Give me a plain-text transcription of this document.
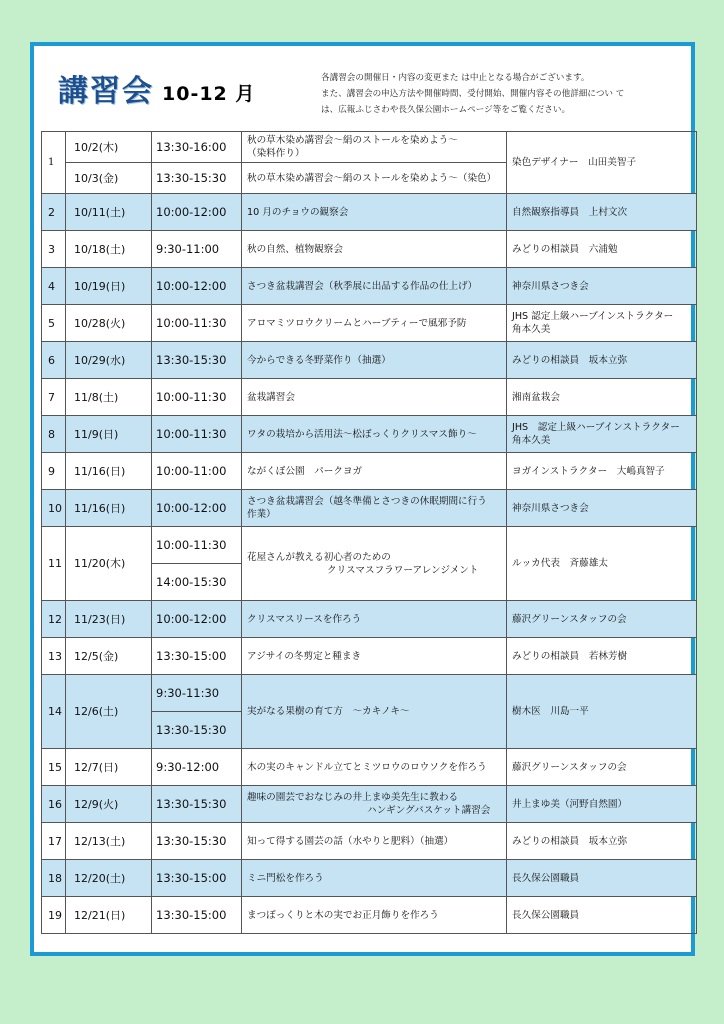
講習会 10-12 月
各講習会の開催日・内容の変更また は中止となる場合がございます。
また、講習会の申込方法や開催時間、受付開始、開催内容その他詳細につい て
は、広報ふじさわや長久保公園ホームページ等をご覧ください。
1	10/2(木)	13:30-16:00	秋の草木染め講習会～絹のストールを染めよう～
（染料作り）	染色デザイナー　山田美智子
	10/3(金)	13:30-15:30	秋の草木染め講習会～絹のストールを染めよう～（染色）	
2	10/11(土)	10:00-12:00	10 月のチョウの観察会	自然観察指導員　上村文次
3	10/18(土)	9:30-11:00	秋の自然、植物観察会	みどりの相談員　六浦勉
4	10/19(日)	10:00-12:00	さつき盆栽講習会（秋季展に出品する作品の仕上げ）	神奈川県さつき会
5	10/28(火)	10:00-11:30	アロマミツロウクリームとハーブティーで風邪予防	JHS 認定上級ハーブインストラクター
角本久美
6	10/29(水)	13:30-15:30	今からできる冬野菜作り（抽選）	みどりの相談員　坂本立弥
7	11/8(土)	10:00-11:30	盆栽講習会	湘南盆栽会
8	11/9(日)	10:00-11:30	ワタの栽培から活用法～松ぼっくりクリスマス飾り～	JHS　認定上級ハーブインストラクター
角本久美
9	11/16(日)	10:00-11:00	ながくぼ公園　パークヨガ	ヨガインストラクター　大嶋真智子
10	11/16(日)	10:00-12:00	さつき盆栽講習会（越冬準備とさつきの休眠期間に行う
作業）	神奈川県さつき会
11	11/20(木)	10:00-11:30	花屋さんが教える初心者のための
クリスマスフラワーアレンジメント	ルッカ代表　斉藤雄太
		14:00-15:30		
12	11/23(日)	10:00-12:00	クリスマスリースを作ろう	藤沢グリーンスタッフの会
13	12/5(金)	13:30-15:00	アジサイの冬剪定と種まき	みどりの相談員　若林芳樹
14	12/6(土)	9:30-11:30	実がなる果樹の育て方　～カキノキ～	樹木医　川島一平
		13:30-15:30		
15	12/7(日)	9:30-12:00	木の実のキャンドル立てとミツロウのロウソクを作ろう	藤沢グリーンスタッフの会
16	12/9(火)	13:30-15:30	趣味の園芸でおなじみの井上まゆ美先生に教わる
ハンギングバスケット講習会	井上まゆ美（河野自然園）
17	12/13(土)	13:30-15:30	知って得する園芸の話（水やりと肥料）（抽選）	みどりの相談員　坂本立弥
18	12/20(土)	13:30-15:00	ミニ門松を作ろう	長久保公園職員
19	12/21(日)	13:30-15:00	まつぼっくりと木の実でお正月飾りを作ろう	長久保公園職員
